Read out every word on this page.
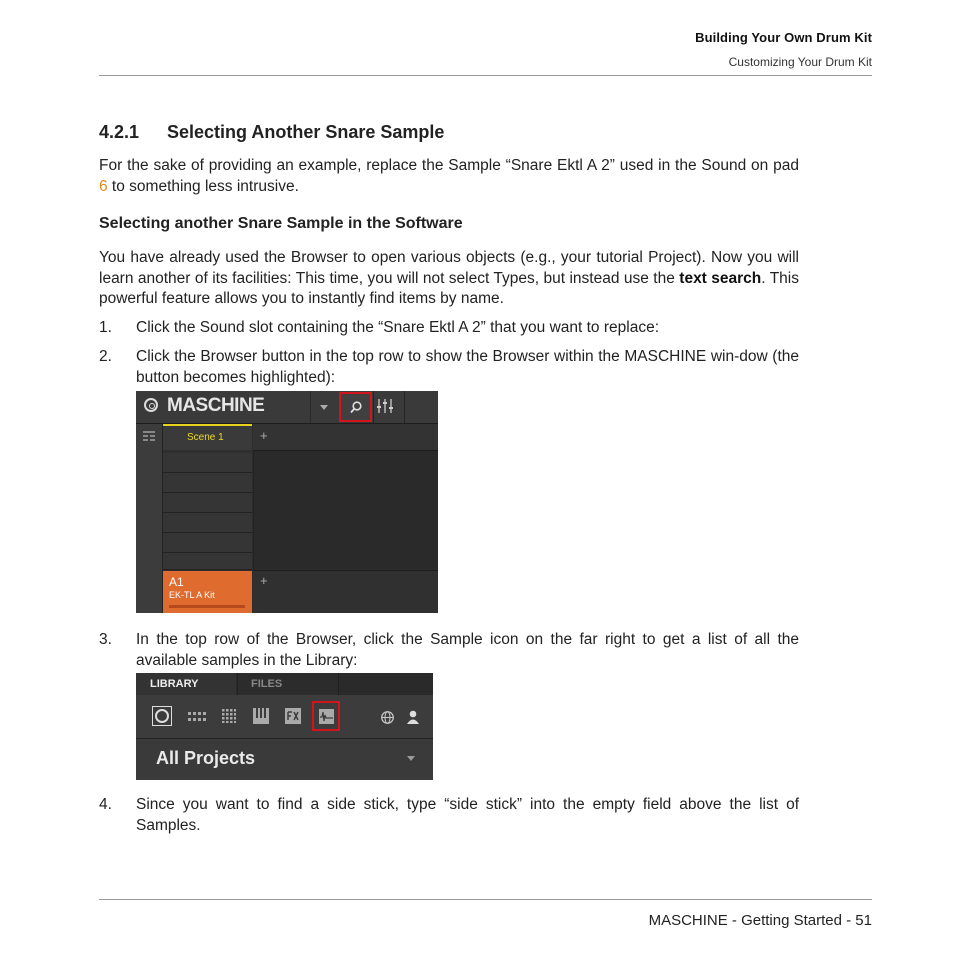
Building Your Own Drum Kit
Customizing Your Drum Kit
4.2.1 Selecting Another Snare Sample
For the sake of providing an example, replace the Sample “Snare Ektl A 2” used in the Sound on pad 6 to something less intrusive.
Selecting another Snare Sample in the Software
You have already used the Browser to open various objects (e.g., your tutorial Project). Now you will learn another of its facilities: This time, you will not select Types, but instead use the text search. This powerful feature allows you to instantly find items by name.
1. Click the Sound slot containing the “Snare Ektl A 2” that you want to replace:
2. Click the Browser button in the top row to show the Browser within the MASCHINE win-dow (the button becomes highlighted):
MASCHINE
Scene 1	+
A1
EK-TL A Kit
+
3. In the top row of the Browser, click the Sample icon on the far right to get a list of all the available samples in the Library:
LIBRARY	FILES
All Projects
4. Since you want to find a side stick, type “side stick” into the empty field above the list of Samples.
MASCHINE - Getting Started - 51
